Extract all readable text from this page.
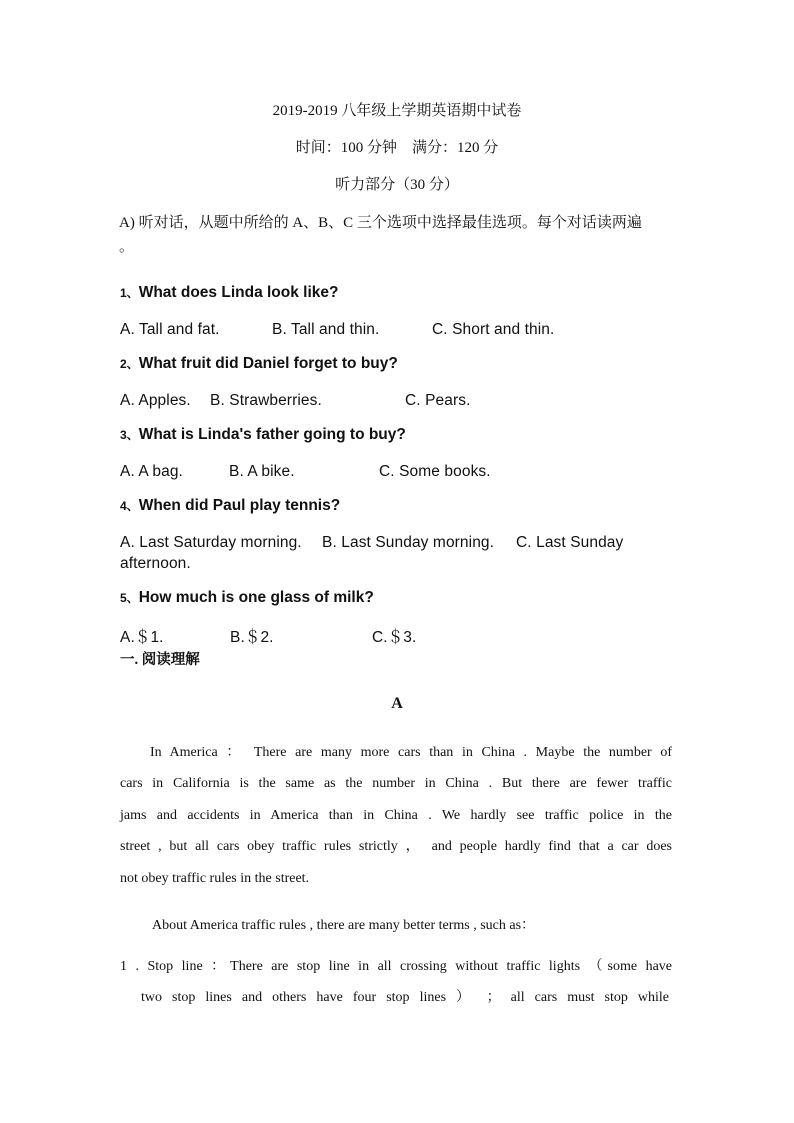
2019-2019 八年级上学期英语期中试卷
时间：100 分钟　满分：120 分
听力部分（30 分）
A) 听对话，从题中所给的 A、B、C 三个选项中选择最佳选项。每个对话读两遍
。
1、What does Linda look like?
A. Tall and fat.	B. Tall and thin.	C. Short and thin.
2、What fruit did Daniel forget to buy?
A. Apples. B. Strawberries.	C. Pears.
3、What is Linda's father going to buy?
A. A bag.	B. A bike.	C. Some books.
4、When did Paul play tennis?
A. Last Saturday morning. B. Last Sunday morning. C. Last Sunday
afternoon.
5、How much is one glass of milk?
A.＄1.	B.＄2.	C.＄3.
一. 阅读理解
A
In America ： There are many more cars than in China . Maybe the number of
cars in California is the same as the number in China . But there are fewer traffic
jams and accidents in America than in China . We hardly see traffic police in the
street , but all cars obey traffic rules strictly ， and people hardly find that a car does
not obey traffic rules in the street.
About America traffic rules , there are many better terms , such as：
1 . Stop line ：There are stop line in all crossing without traffic lights （some have
two stop lines and others have four stop lines ） ； all cars must stop while
